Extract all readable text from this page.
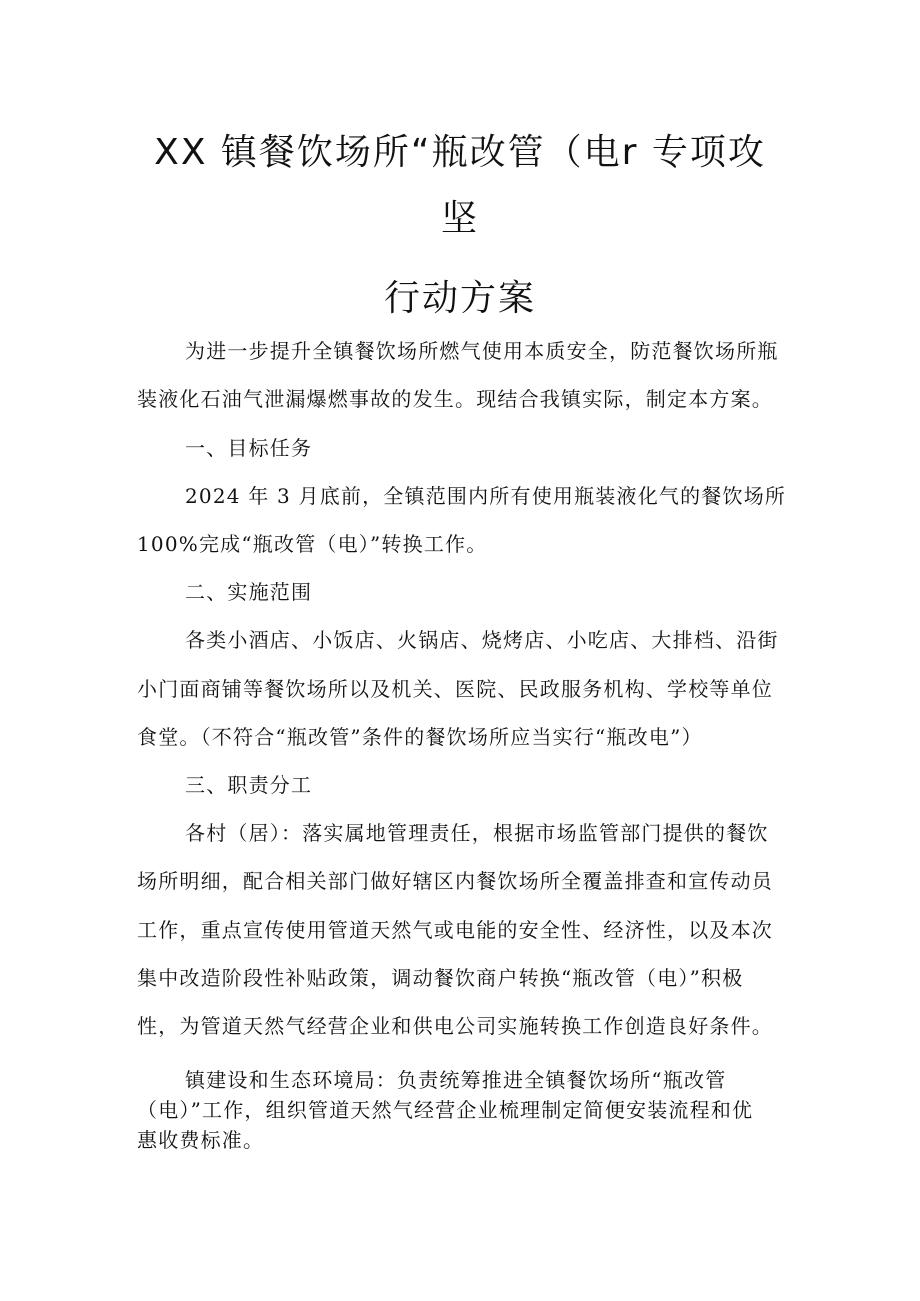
XX 镇餐饮场所“瓶改管（电r 专项攻
坚
行动方案
为进一步提升全镇餐饮场所燃气使用本质安全，防范餐饮场所瓶
装液化石油气泄漏爆燃事故的发生。现结合我镇实际，制定本方案。
一、目标任务
2024 年 3 月底前，全镇范围内所有使用瓶装液化气的餐饮场所
100%完成“瓶改管（电）”转换工作。
二、实施范围
各类小酒店、小饭店、火锅店、烧烤店、小吃店、大排档、沿街
小门面商铺等餐饮场所以及机关、医院、民政服务机构、学校等单位
食堂。（不符合“瓶改管”条件的餐饮场所应当实行“瓶改电”）
三、职责分工
各村（居）：落实属地管理责任，根据市场监管部门提供的餐饮
场所明细，配合相关部门做好辖区内餐饮场所全覆盖排查和宣传动员
工作，重点宣传使用管道天然气或电能的安全性、经济性，以及本次
集中改造阶段性补贴政策，调动餐饮商户转换“瓶改管（电）”积极
性，为管道天然气经营企业和供电公司实施转换工作创造良好条件。
镇建设和生态环境局：负责统筹推进全镇餐饮场所“瓶改管
（电）”工作，组织管道天然气经营企业梳理制定简便安装流程和优
惠收费标准。
